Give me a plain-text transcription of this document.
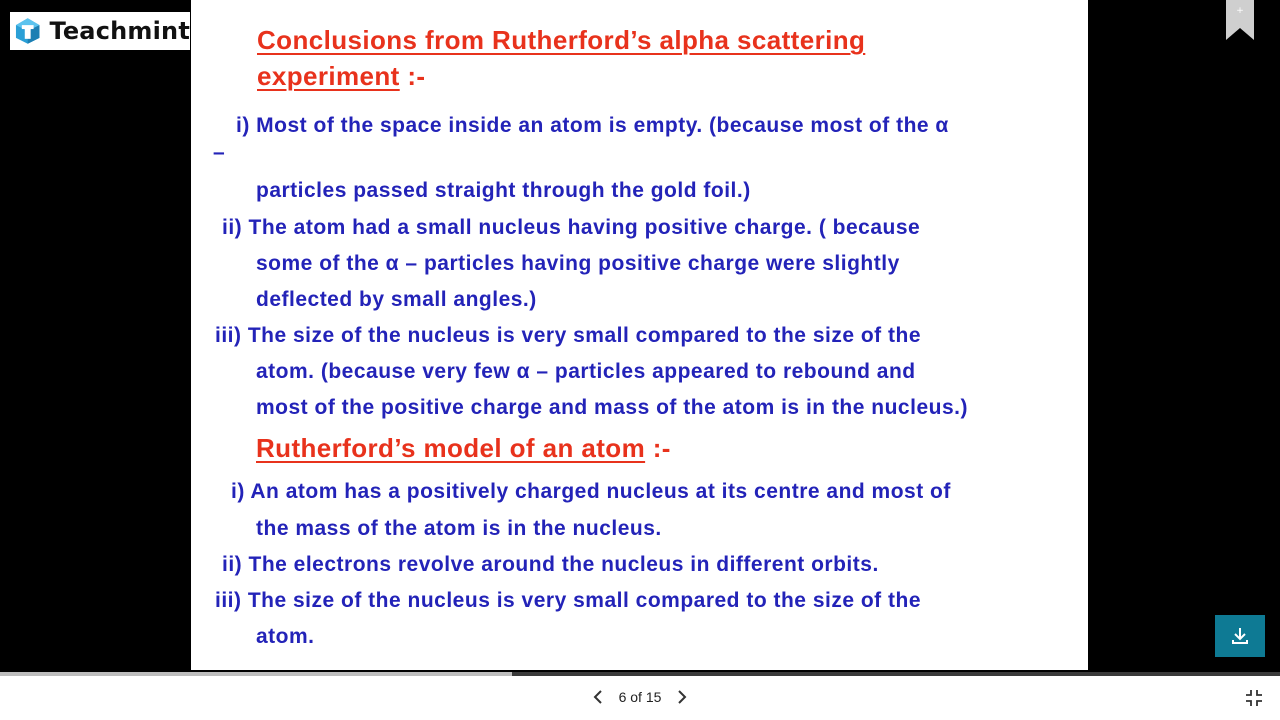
Teachmint
+
Conclusions from Rutherford’s alpha scattering
experiment :-
i) Most of the space inside an atom is empty. (because most of the α
–
particles passed straight through the gold foil.)
ii) The atom had a small nucleus having positive charge. ( because
some of the α – particles having positive charge were slightly
deflected by small angles.)
iii) The size of the nucleus is very small compared to the size of the
atom. (because very few α – particles appeared to rebound and
most of the positive charge and mass of the atom is in the nucleus.)
Rutherford’s model of an atom :-
i) An atom has a positively charged nucleus at its centre and most of
the mass of the atom is in the nucleus.
ii) The electrons revolve around the nucleus in different orbits.
iii) The size of the nucleus is very small compared to the size of the
atom.
6 of 15
